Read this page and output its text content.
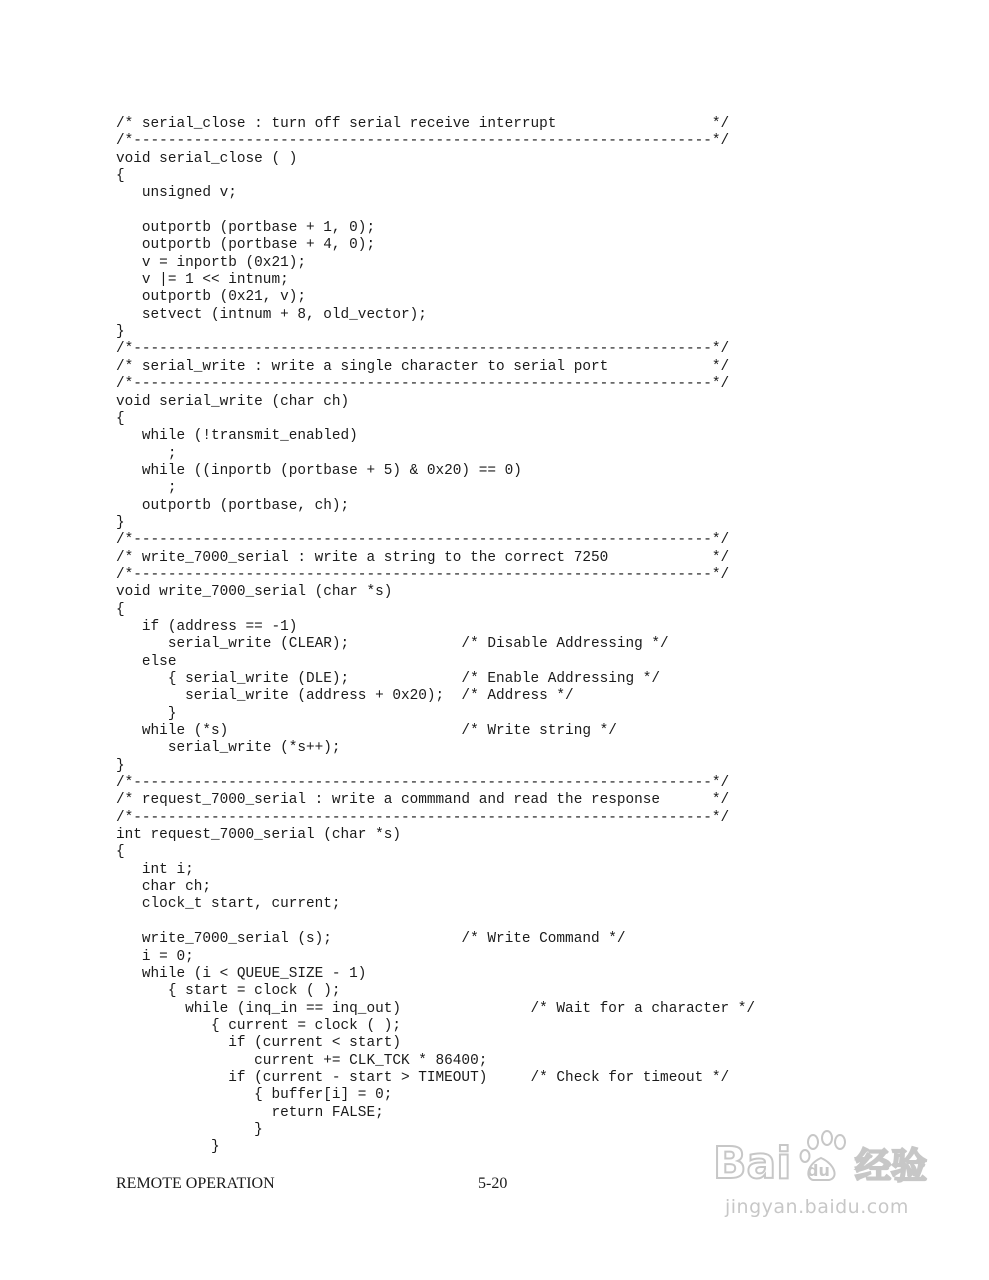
/* serial_close : turn off serial receive interrupt                  */
/*-------------------------------------------------------------------*/
void serial_close ( )
{
unsigned v;
outportb (portbase + 1, 0);
outportb (portbase + 4, 0);
v = inportb (0x21);
v |= 1 << intnum;
outportb (0x21, v);
setvect (intnum + 8, old_vector);
}
/*-------------------------------------------------------------------*/
/* serial_write : write a single character to serial port            */
/*-------------------------------------------------------------------*/
void serial_write (char ch)
{
while (!transmit_enabled)
;
while ((inportb (portbase + 5) & 0x20) == 0)
;
outportb (portbase, ch);
}
/*-------------------------------------------------------------------*/
/* write_7000_serial : write a string to the correct 7250            */
/*-------------------------------------------------------------------*/
void write_7000_serial (char *s)
{
if (address == -1)
serial_write (CLEAR);             /* Disable Addressing */
else
{ serial_write (DLE);             /* Enable Addressing */
serial_write (address + 0x20);  /* Address */
}
while (*s)                           /* Write string */
serial_write (*s++);
}
/*-------------------------------------------------------------------*/
/* request_7000_serial : write a commmand and read the response      */
/*-------------------------------------------------------------------*/
int request_7000_serial (char *s)
{
int i;
char ch;
clock_t start, current;
write_7000_serial (s);               /* Write Command */
i = 0;
while (i < QUEUE_SIZE - 1)
{ start = clock ( );
while (inq_in == inq_out)               /* Wait for a character */
{ current = clock ( );
if (current < start)
current += CLK_TCK * 86400;
if (current - start > TIMEOUT)     /* Check for timeout */
{ buffer[i] = 0;
return FALSE;
}
}
REMOTE OPERATION	5-20	Bai du 经验
jingyan.baidu.com
